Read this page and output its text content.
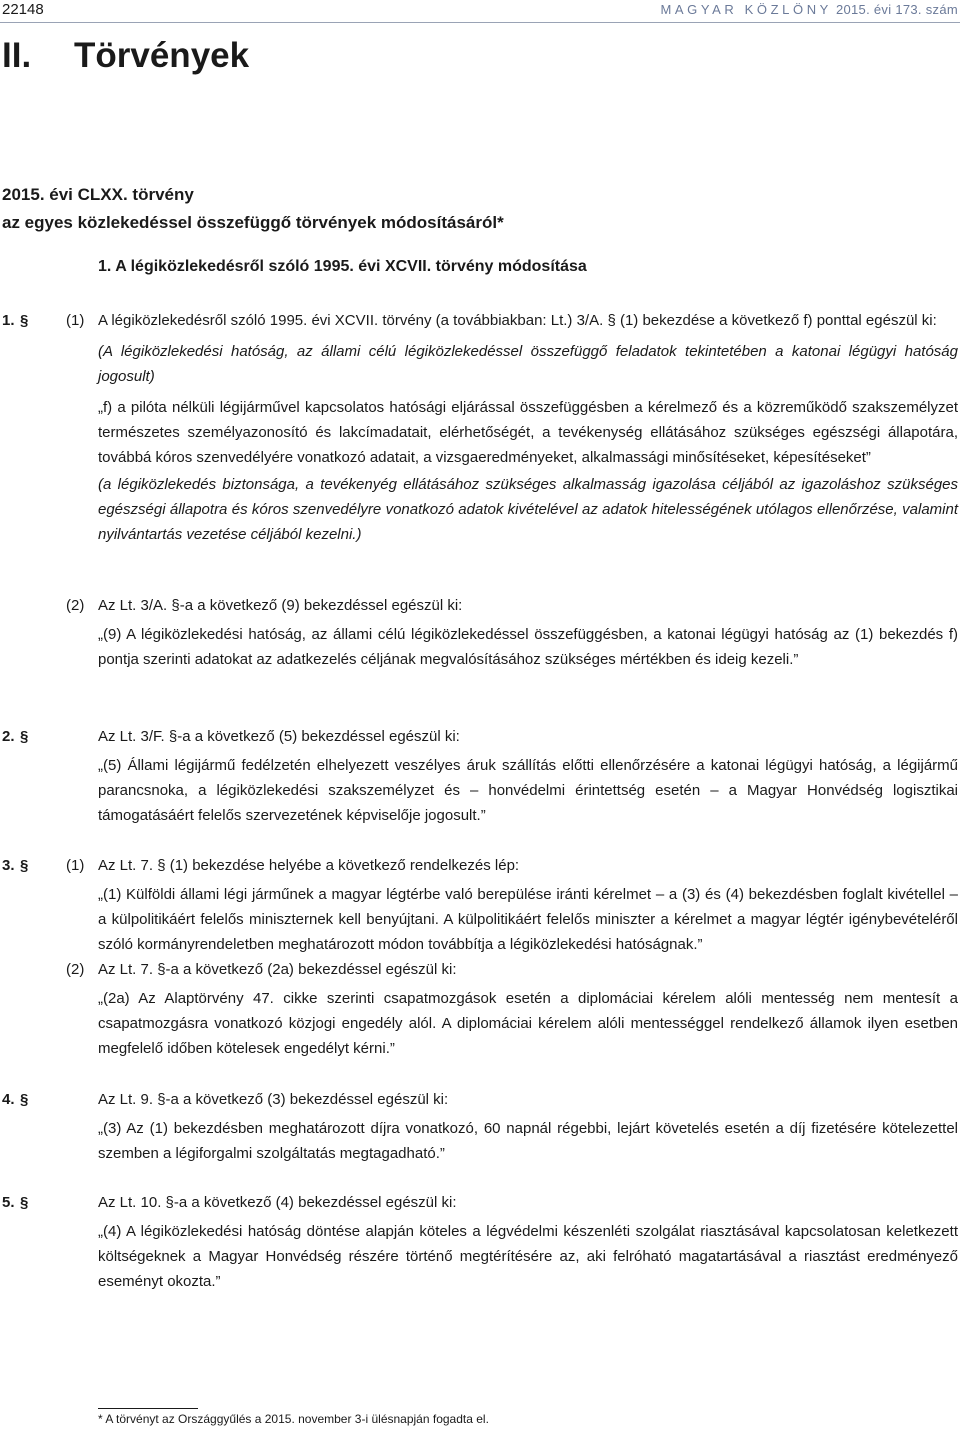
22148	MAGYAR KÖZLÖNY 2015. évi 173. szám
II. Törvények
2015. évi CLXX. törvény
az egyes közlekedéssel összefüggő törvények módosításáról*
1. A légiközlekedésről szóló 1995. évi XCVII. törvény módosítása
1. §	(1) A légiközlekedésről szóló 1995. évi XCVII. törvény (a továbbiakban: Lt.) 3/A. § (1) bekezdése a következő f) ponttal egészül ki:
(A légiközlekedési hatóság, az állami célú légiközlekedéssel összefüggő feladatok tekintetében a katonai légügyi hatóság jogosult)
„f) a pilóta nélküli légijárművel kapcsolatos hatósági eljárással összefüggésben a kérelmező és a közreműködő szakszemélyzet természetes személyazonosító és lakcímadatait, elérhetőségét, a tevékenység ellátásához szükséges egészségi állapotára, továbbá kóros szenvedélyére vonatkozó adatait, a vizsgaeredményeket, alkalmassági minősítéseket, képesítéseket”
(a légiközlekedés biztonsága, a tevékenyég ellátásához szükséges alkalmasság igazolása céljából az igazoláshoz szükséges egészségi állapotra és kóros szenvedélyre vonatkozó adatok kivételével az adatok hitelességének utólagos ellenőrzése, valamint nyilvántartás vezetése céljából kezelni.)
(2) Az Lt. 3/A. §-a a következő (9) bekezdéssel egészül ki:
„(9) A légiközlekedési hatóság, az állami célú légiközlekedéssel összefüggésben, a katonai légügyi hatóság az (1) bekezdés f) pontja szerinti adatokat az adatkezelés céljának megvalósításához szükséges mértékben és ideig kezeli.”
2. §	Az Lt. 3/F. §-a a következő (5) bekezdéssel egészül ki:
„(5) Állami légijármű fedélzetén elhelyezett veszélyes áruk szállítás előtti ellenőrzésére a katonai légügyi hatóság, a légijármű parancsnoka, a légiközlekedési szakszemélyzet és – honvédelmi érintettség esetén – a Magyar Honvédség logisztikai támogatásáért felelős szervezetének képviselője jogosult.”
3. §	(1) Az Lt. 7. § (1) bekezdése helyébe a következő rendelkezés lép:
„(1) Külföldi állami légi járműnek a magyar légtérbe való berepülése iránti kérelmet – a (3) és (4) bekezdésben foglalt kivétellel – a külpolitikáért felelős miniszternek kell benyújtani. A külpolitikáért felelős miniszter a kérelmet a magyar légtér igénybevételéről szóló kormányrendeletben meghatározott módon továbbítja a légiközlekedési hatóságnak.”
(2) Az Lt. 7. §-a a következő (2a) bekezdéssel egészül ki:
„(2a) Az Alaptörvény 47. cikke szerinti csapatmozgások esetén a diplomáciai kérelem alóli mentesség nem mentesít a csapatmozgásra vonatkozó közjogi engedély alól. A diplomáciai kérelem alóli mentességgel rendelkező államok ilyen esetben megfelelő időben kötelesek engedélyt kérni.”
4. §	Az Lt. 9. §-a a következő (3) bekezdéssel egészül ki:
„(3) Az (1) bekezdésben meghatározott díjra vonatkozó, 60 napnál régebbi, lejárt követelés esetén a díj fizetésére kötelezettel szemben a légiforgalmi szolgáltatás megtagadható.”
5. §	Az Lt. 10. §-a a következő (4) bekezdéssel egészül ki:
„(4) A légiközlekedési hatóság döntése alapján köteles a légvédelmi készenléti szolgálat riasztásával kapcsolatosan keletkezett költségeknek a Magyar Honvédség részére történő megtérítésére az, aki felróható magatartásával a riasztást eredményező eseményt okozta.”
* A törvényt az Országgyűlés a 2015. november 3-i ülésnapján fogadta el.
